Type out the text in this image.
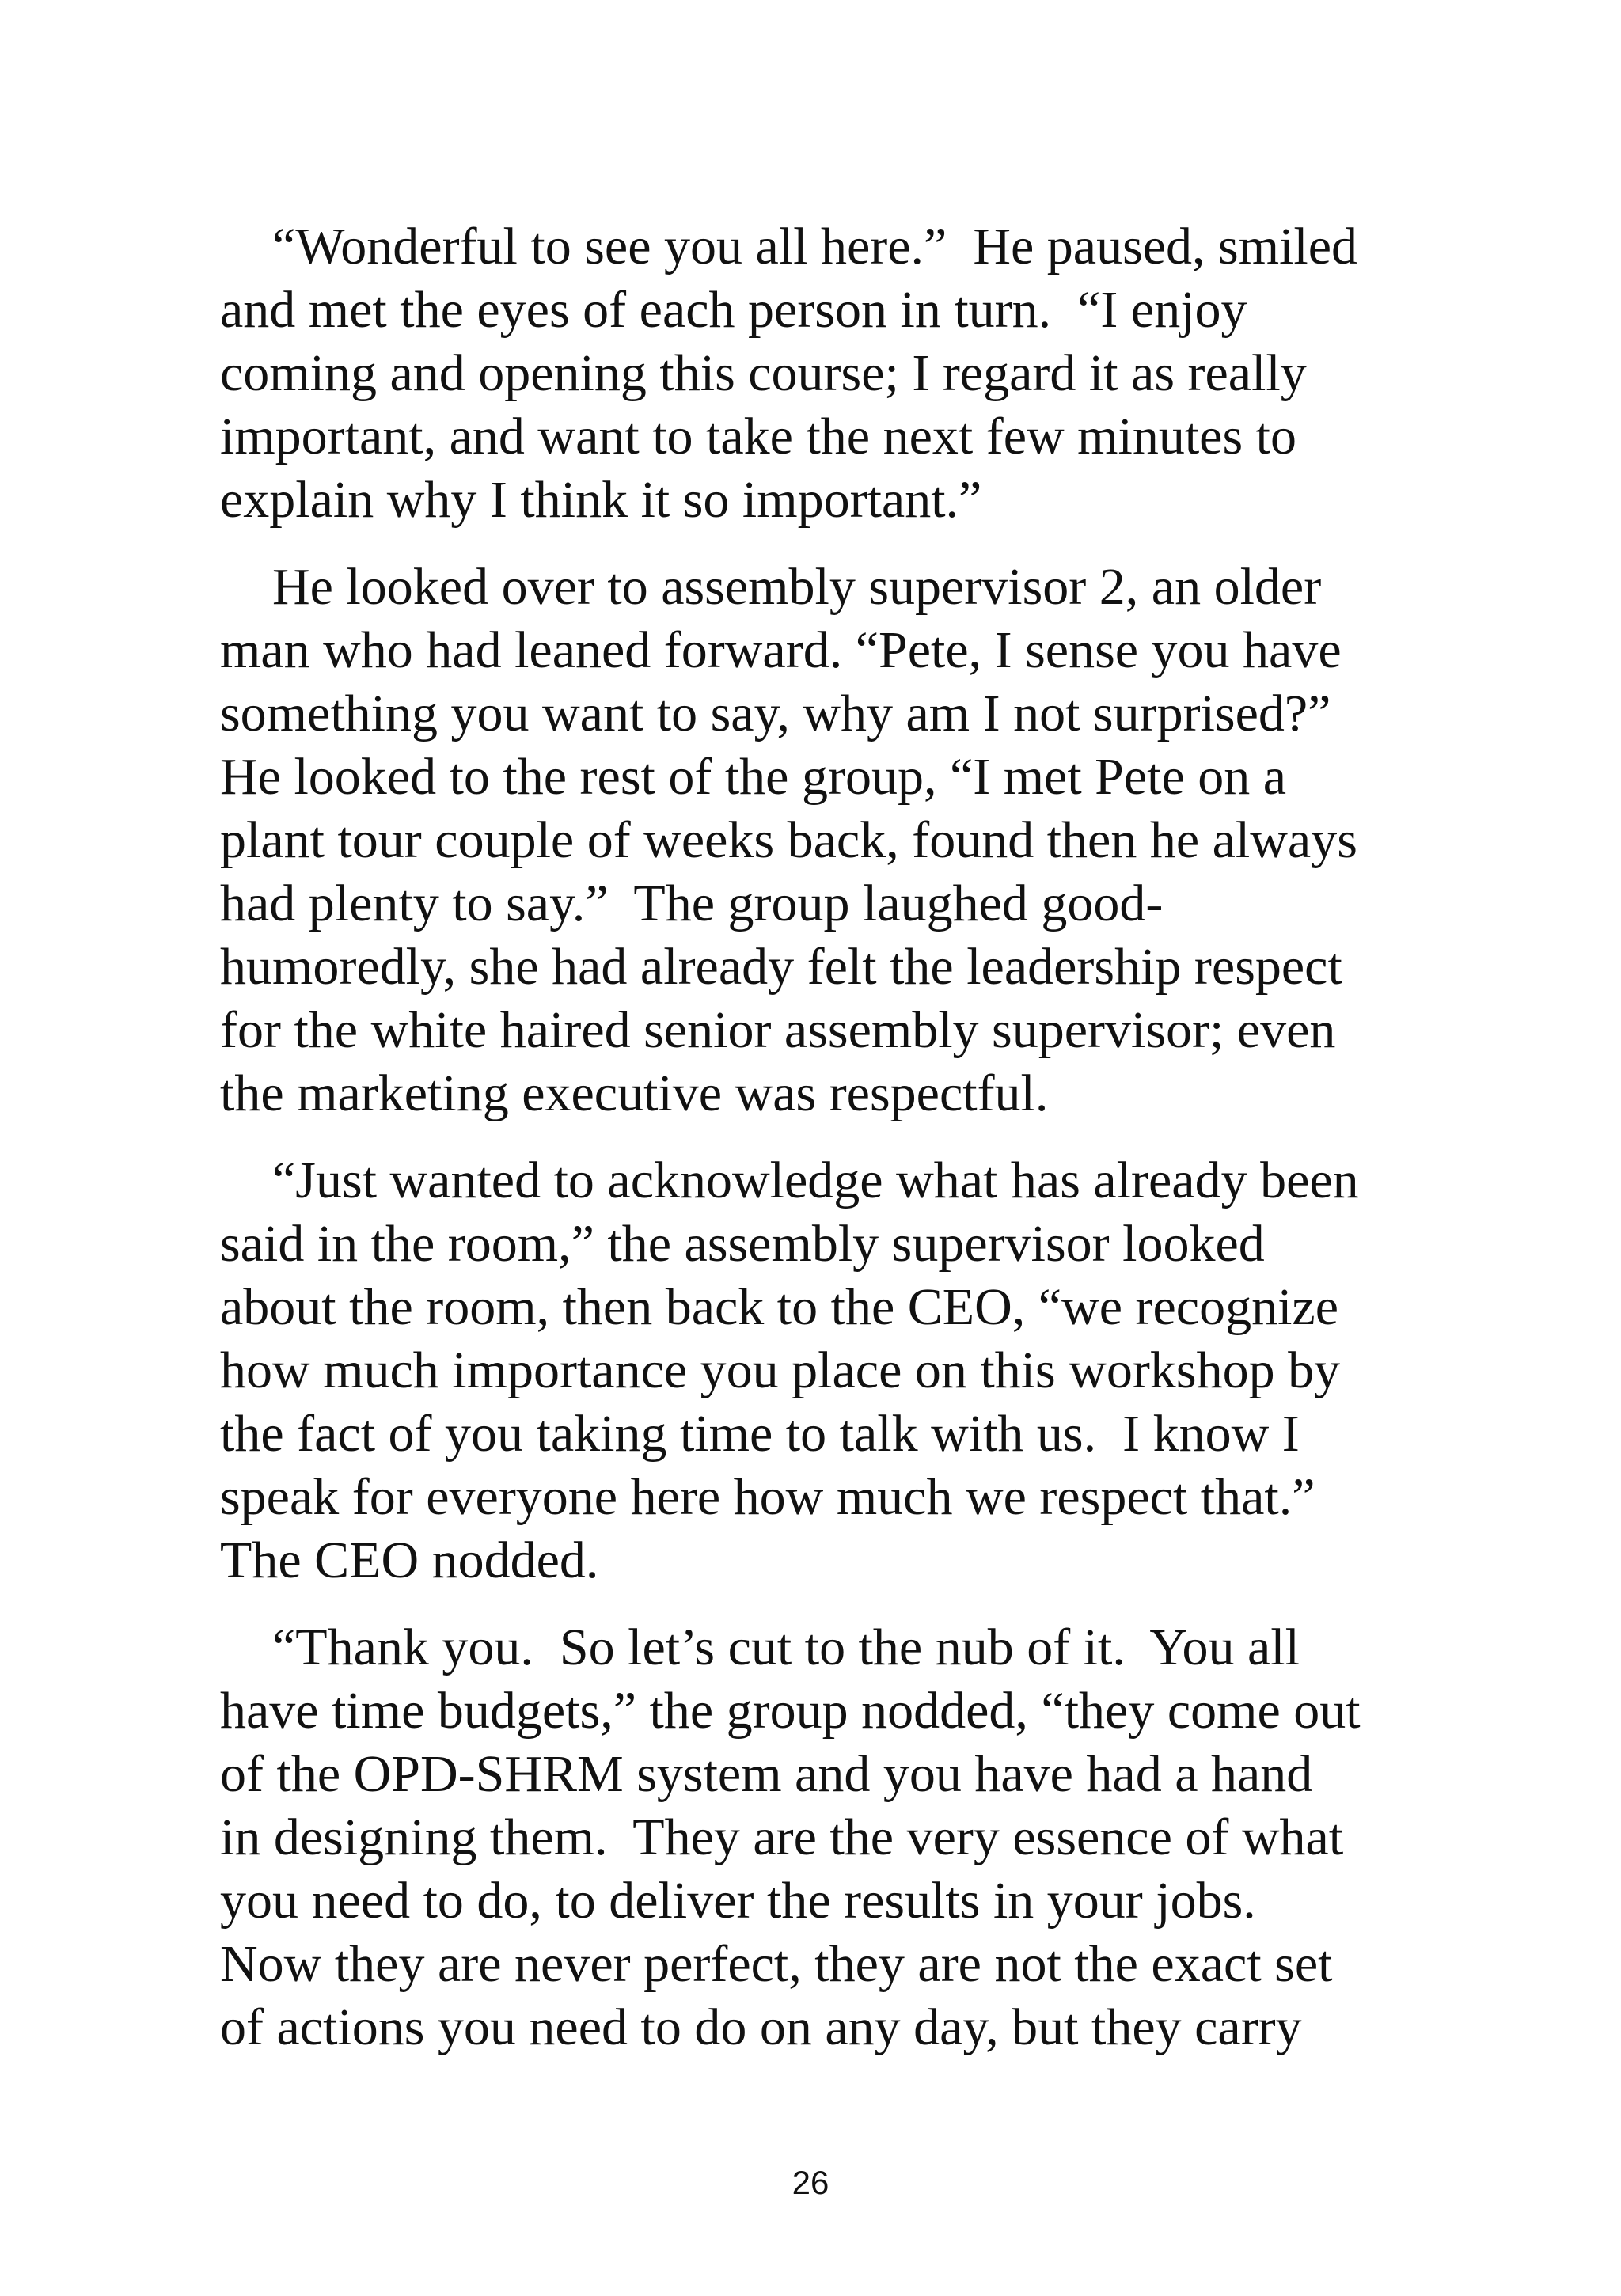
“Wonderful to see you all here.”  He paused, smiled
and met the eyes of each person in turn.  “I enjoy
coming and opening this course; I regard it as really
important, and want to take the next few minutes to
explain why I think it so important.”
He looked over to assembly supervisor 2, an older
man who had leaned forward. “Pete, I sense you have
something you want to say, why am I not surprised?”
He looked to the rest of the group, “I met Pete on a
plant tour couple of weeks back, found then he always
had plenty to say.”  The group laughed good-
humoredly, she had already felt the leadership respect
for the white haired senior assembly supervisor; even
the marketing executive was respectful.
“Just wanted to acknowledge what has already been
said in the room,” the assembly supervisor looked
about the room, then back to the CEO, “we recognize
how much importance you place on this workshop by
the fact of you taking time to talk with us.  I know I
speak for everyone here how much we respect that.”
The CEO nodded.
“Thank you.  So let’s cut to the nub of it.  You all
have time budgets,” the group nodded, “they come out
of the OPD-SHRM system and you have had a hand
in designing them.  They are the very essence of what
you need to do, to deliver the results in your jobs.
Now they are never perfect, they are not the exact set
of actions you need to do on any day, but they carry
26
